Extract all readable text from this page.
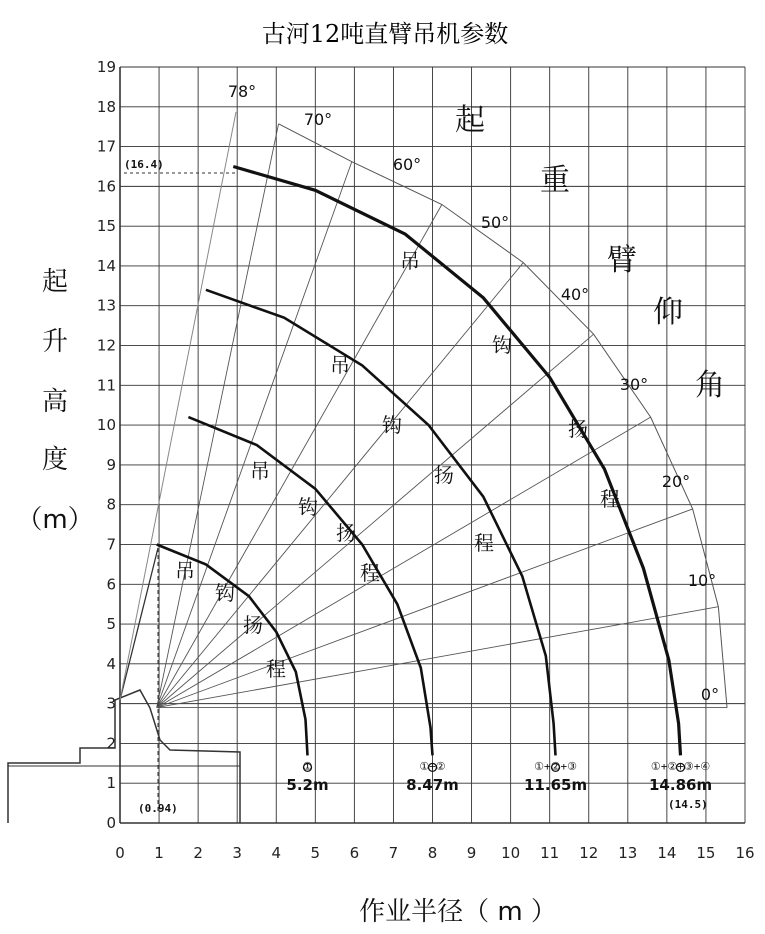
古河12吨直臂吊机参数
0 1 2 3 4 5 6 7 8 9 10 11 12 13 14 15 16
0
1
2
3
4
5
6
7
8
9
10
11
12
13
14
15
16
17
18
19
起
升
高
度
（m）
78°
70°
60°
50°
40°
30°
20°
10°
0°
①
5.2m
①+②
8.47m
①+②+③
11.65m
①+②+③+④
14.86m
吊
钩
扬
程
吊
钩
扬
程
吊
钩
扬
程
吊
钩
扬
程
起
重
臂
仰
角
(16.4)
(0.94)	(14.5)
作业半径（ m ）
